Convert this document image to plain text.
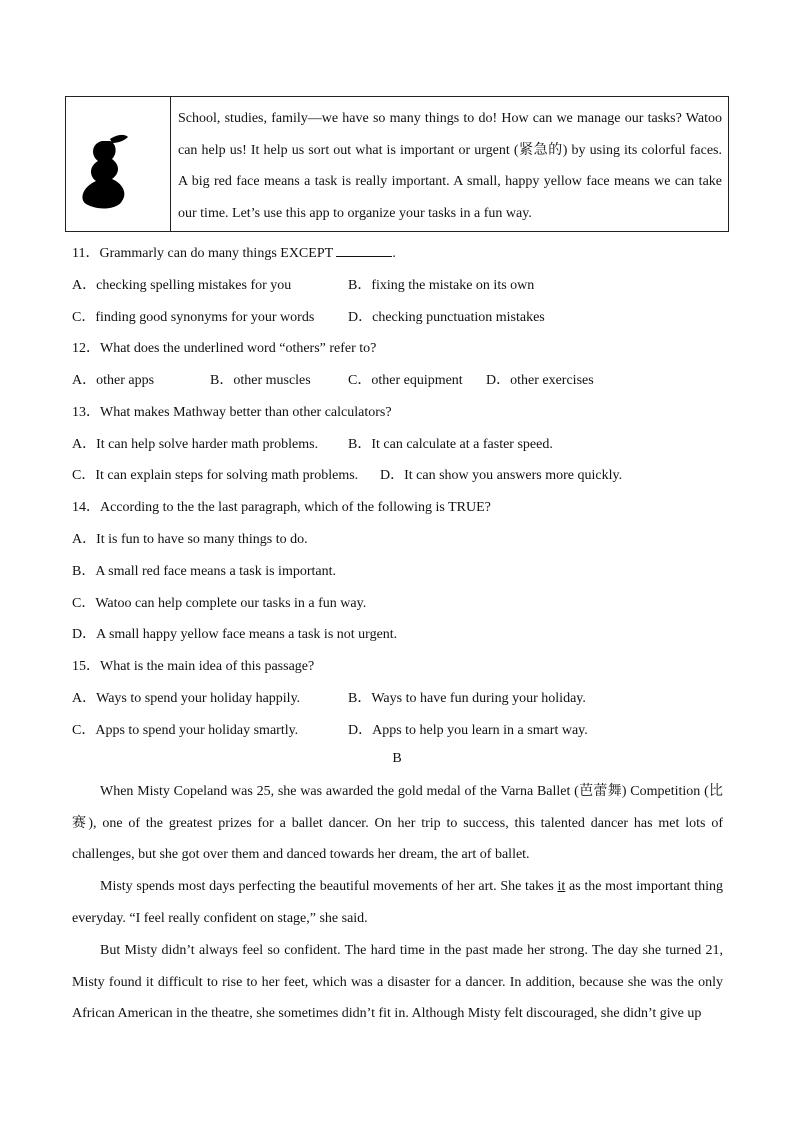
School, studies, family—we have so many things to do! How can we manage our tasks? Watoo can help us! It help us sort out what is important or urgent (紧急的) by using its colorful faces. A big red face means a task is really important. A small, happy yellow face means we can take our time. Let’s use this app to organize your tasks in a fun way.
11．Grammarly can do many things EXCEPT	.
A．checking spelling mistakes for you	B．fixing the mistake on its own
C．finding good synonyms for your words D．checking punctuation mistakes
12．What does the underlined word “others” refer to?
A．other apps	B．other muscles	C．other equipment D．other exercises
13．What makes Mathway better than other calculators?
A．It can help solve harder math problems. B．It can calculate at a faster speed.
C．It can explain steps for solving math problems. D．It can show you answers more quickly.
14．According to the the last paragraph, which of the following is TRUE?
A．It is fun to have so many things to do.
B．A small red face means a task is important.
C．Watoo can help complete our tasks in a fun way.
D．A small happy yellow face means a task is not urgent.
15．What is the main idea of this passage?
A．Ways to spend your holiday happily.	B．Ways to have fun during your holiday.
C．Apps to spend your holiday smartly.	D．Apps to help you learn in a smart way.
B
When Misty Copeland was 25, she was awarded the gold medal of the Varna Ballet (芭蕾舞) Competition (比赛), one of the greatest prizes for a ballet dancer. On her trip to success, this talented dancer has met lots of challenges, but she got over them and danced towards her dream, the art of ballet.
Misty spends most days perfecting the beautiful movements of her art. She takes it as the most important thing everyday. “I feel really confident on stage,” she said.
But Misty didn’t always feel so confident. The hard time in the past made her strong. The day she turned 21, Misty found it difficult to rise to her feet, which was a disaster for a dancer. In addition, because she was the only African American in the theatre, she sometimes didn’t fit in. Although Misty felt discouraged, she didn’t give up
